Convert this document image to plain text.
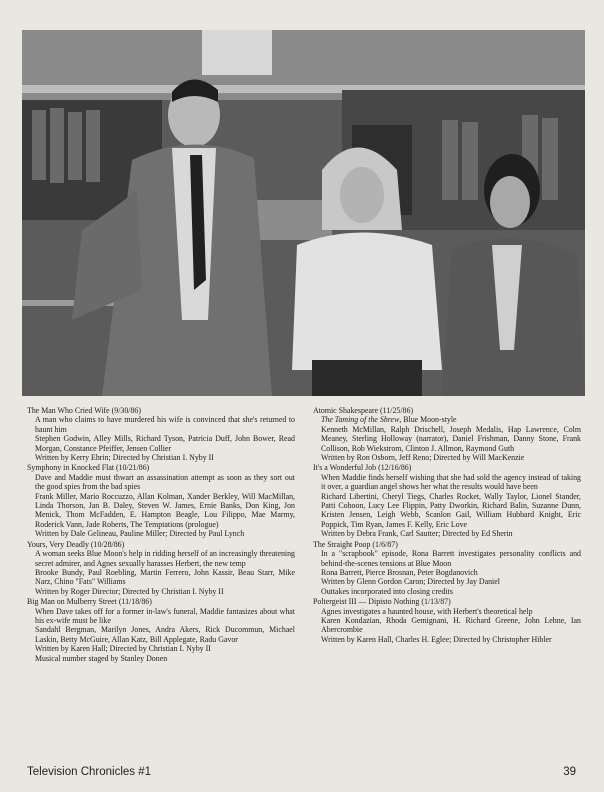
The Man Who Cried Wife (9/30/86)
A man who claims to have murdered his wife is convinced that she's returned to haunt him
Stephen Godwin, Alley Mills, Richard Tyson, Patricia Duff, John Bower, Read Morgan, Constance Pfeiffer, Jensen Collier
Written by Kerry Ehrin; Directed by Christian I. Nyby II
Symphony in Knocked Flat (10/21/86)
Dave and Maddie must thwart an assassination attempt as soon as they sort out the good spies from the bad spies
Frank Miller, Mario Roccuzzo, Allan Kolman, Xander Berkley, Will MacMillan, Linda Thorson, Jan B. Daley, Steven W. James, Ernie Banks, Don King, Jon Menick, Thom McFadden, E. Hampton Beagle, Lou Filippo, Mae Marmy, Roderick Vann, Jade Roberts, The Temptations (prologue)
Written by Dale Gelineau, Pauline Miller; Directed by Paul Lynch
Yours, Very Deadly (10/28/86)
A woman seeks Blue Moon's help in ridding herself of an increasingly threatening secret admirer, and Agnes sexually harasses Herbert, the new temp
Brooke Bundy, Paul Roebling, Martin Ferrero, John Kassir, Beau Starr, Mike Narz, Chino "Fats" Williams
Written by Roger Director; Directed by Christian I. Nyby II
Big Man on Mulberry Street (11/18/86)
When Dave takes off for a former in-law's funeral, Maddie fantasizes about what his ex-wife must be like
Sandahl Bergman, Marilyn Jones, Andra Akers, Rick Ducommun, Michael Laskin, Betty McGuire, Allan Katz, Bill Applegate, Radu Gavor
Written by Karen Hall; Directed by Christian I. Nyby II
Musical number staged by Stanley Donen
Atomic Shakespeare (11/25/86)
The Taming of the Shrew, Blue Moon-style
Kenneth McMillan, Ralph Drischell, Joseph Medalis, Hap Lawrence, Colm Meaney, Sterling Holloway (narrator), Daniel Frishman, Danny Stone, Frank Collison, Rob Wiekstrom, Clinton J. Allmon, Raymond Guth
Written by Ron Osborn, Jeff Reno; Directed by Will MacKenzie
It's a Wonderful Job (12/16/86)
When Maddie finds herself wishing that she had sold the agency instead of taking it over, a guardian angel shows her what the results would have been
Richard Libertini, Cheryl Tiegs, Charles Rocket, Wally Taylor, Lionel Stander, Patti Cohoon, Lucy Lee Flippin, Patty Dworkin, Richard Balin, Suzanne Dunn, Kristen Jensen, Leigh Webb, Scanlon Gail, William Hubbard Knight, Eric Poppick, Tim Ryan, James F. Kelly, Eric Love
Written by Debra Frank, Carl Sautter; Directed by Ed Sherin
The Straight Poop (1/6/87)
In a "scrapbook" episode, Rona Barrett investigates personality conflicts and behind-the-scenes tensions at Blue Moon
Rona Barrett, Pierce Brosnan, Peter Bogdanovich
Written by Glenn Gordon Caron; Directed by Jay Daniel
Outtakes incorporated into closing credits
Poltergeist III — Dipisto Nothing (1/13/87)
Agnes investigates a haunted house, with Herbert's theoretical help
Karen Kondazian, Rhoda Gemignani, H. Richard Greene, John Lehne, Ian Abercrombie
Written by Karen Hall, Charles H. Eglee; Directed by Christopher Hibler
Television Chronicles #1	39
